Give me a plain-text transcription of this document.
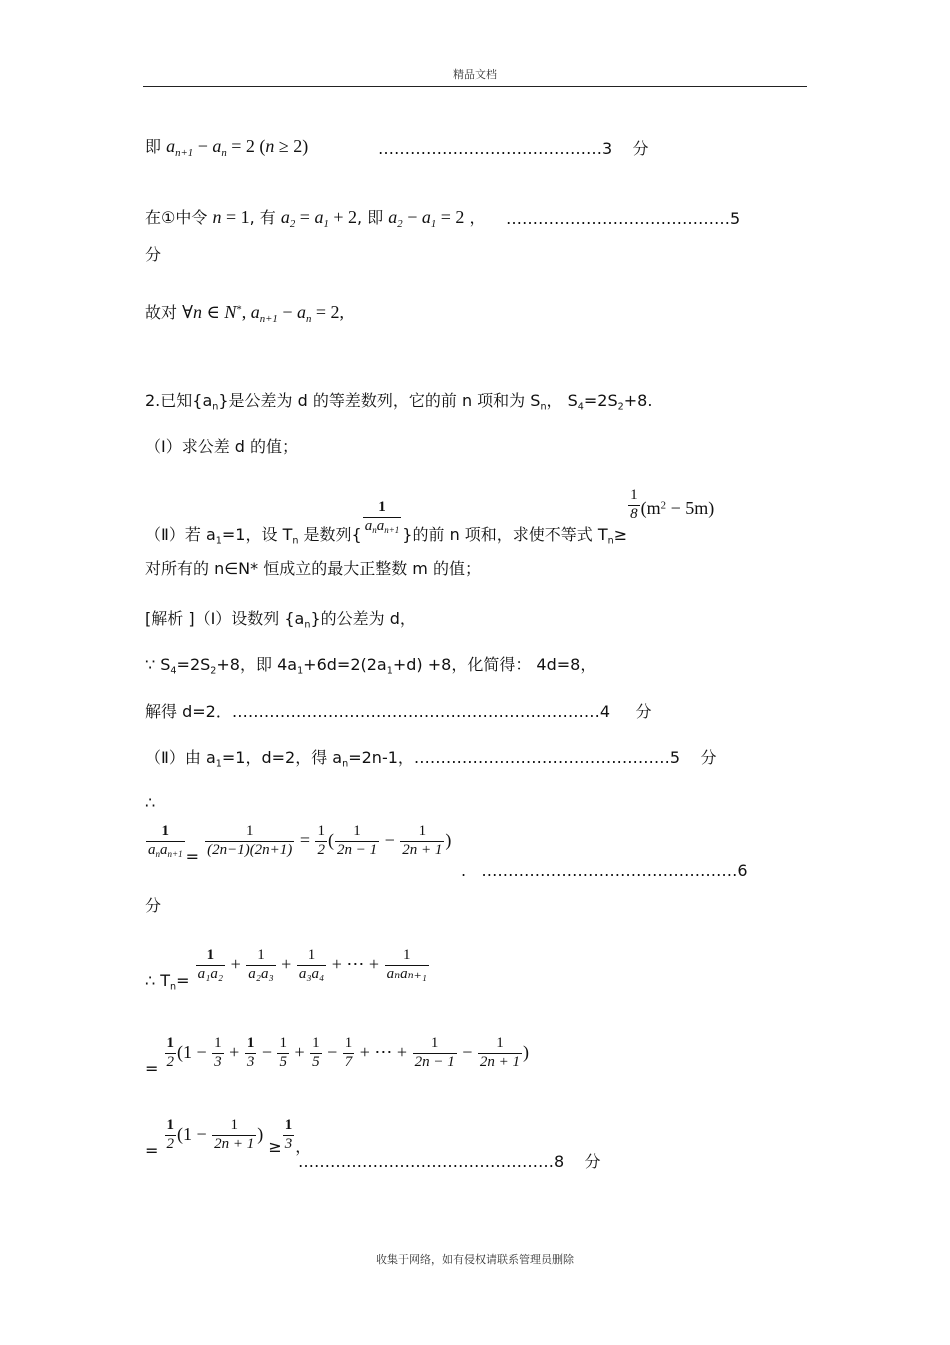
精品文档
即 $a_{n+1} - a_n = 2$ (n ≥ 2)	……………………………………3 分
在①中令 n = 1, 有 $a_2 = a_1 + 2$, 即 $a_2 - a_1 = 2$ ， ……………………………………5
分
故对 ∀n ∈ N*, $a_{n+1} - a_n = 2$,
2.已知$\{a_n\}$是公差为 d 的等差数列，它的前 n 项和为 $S_n$， $S_4=2S_2+8$.
（Ⅰ）求公差 d 的值；
（Ⅱ）若 $a_1=1$，设 $T_n$ 是数列{ $\frac{1}{a_na_{n+1}}$ }的前 n 项和，求使不等式 $T_n\ge$
$\frac{1}{8} (m^2 - 5m)$
对所有的 n∈N* 恒成立的最大正整数 m 的值；
[解析 ]（Ⅰ）设数列 $\{a_n\}$的公差为 d，
∵ $S_4=2S_2+8$，即 $4a_1+6d=2(2a_1+d) +8$，化简得： 4d=8，
解得 d=2．……………………………………………………………4 分
（Ⅱ）由 $a_1=1$，d=2，得 $a_n=2n-1$，…………………………………………5 分
∴
$\frac{1}{a_na_{n+1}} = \frac{1}{(2n-1)(2n+1)} = \frac{1}{2}$ ( $\frac{1}{2n - 1} - \frac{1}{2n + 1}$ )
. …………………………………………6
分
∴ $T_n= \frac{1}{\text{a₁a₂}} + \frac{1}{\text{a₂a₃}} + \frac{1}{\text{a₃a₄}}$ + ⋯ + $\frac{1}{\text{aₙaₙ₊₁}}$
= $\frac{1}{2} (1 - \frac{1}{3} + \frac{1}{3} - \frac{1}{5} + \frac{1}{5} - \frac{1}{7}$ + ⋯ + $\frac{1}{2n - 1} - \frac{1}{2n + 1}$ )
= $\frac{1}{2} (1 - \frac{1}{2n + 1}$ ) ≥ $\frac{1}{3}$ ，
…………………………………………8 分
收集于网络，如有侵权请联系管理员删除
